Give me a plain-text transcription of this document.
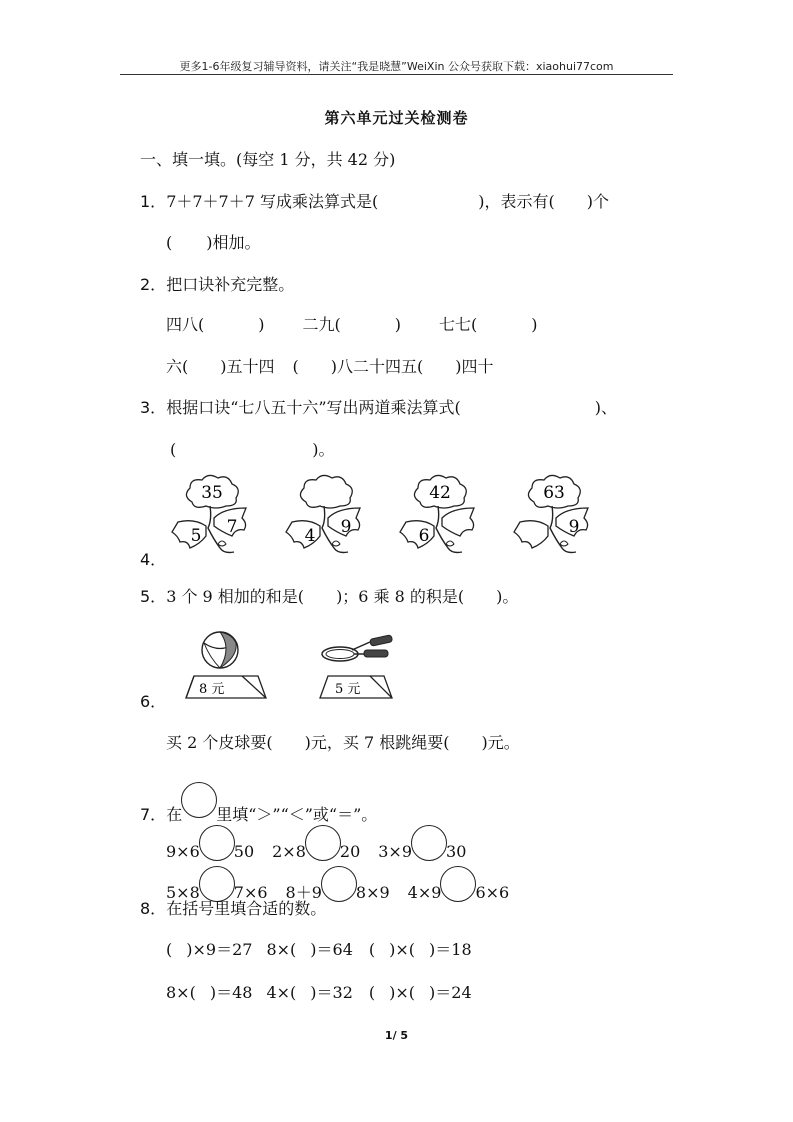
更多1-6年级复习辅导资料，请关注“我是晓慧”WeiXin 公众号获取下载：xiaohui77com
第六单元过关检测卷
一、填一填。(每空 1 分，共 42 分)
1．7＋7＋7＋7 写成乘法算式是(	)，表示有( )个
( )相加。
2．把口诀补充完整。
四八(	) 二九(	) 七七(	)
六( )五十四 ( )八二十四五( )四十
3．根据口诀“七八五十六”写出两道乘法算式(	)、
(	)。
4．
35
5 7	4 9
42
6
63
9
5．3 个 9 相加的和是( )；6 乘 8 的积是( )。
8 元	5 元
6．
买 2 个皮球要( )元，买 7 根跳绳要( )元。
7．在 里填“＞”“＜”或“＝”。
9×6 50 2×8 20 3×9 30
5×8 7×6 8＋9 8×9 4×9 6×6
8．在括号里填合适的数。
( )×9＝27 8×( )＝64 ( )×( )＝18
8×( )＝48 4×( )＝32 ( )×( )＝24
1/ 5
